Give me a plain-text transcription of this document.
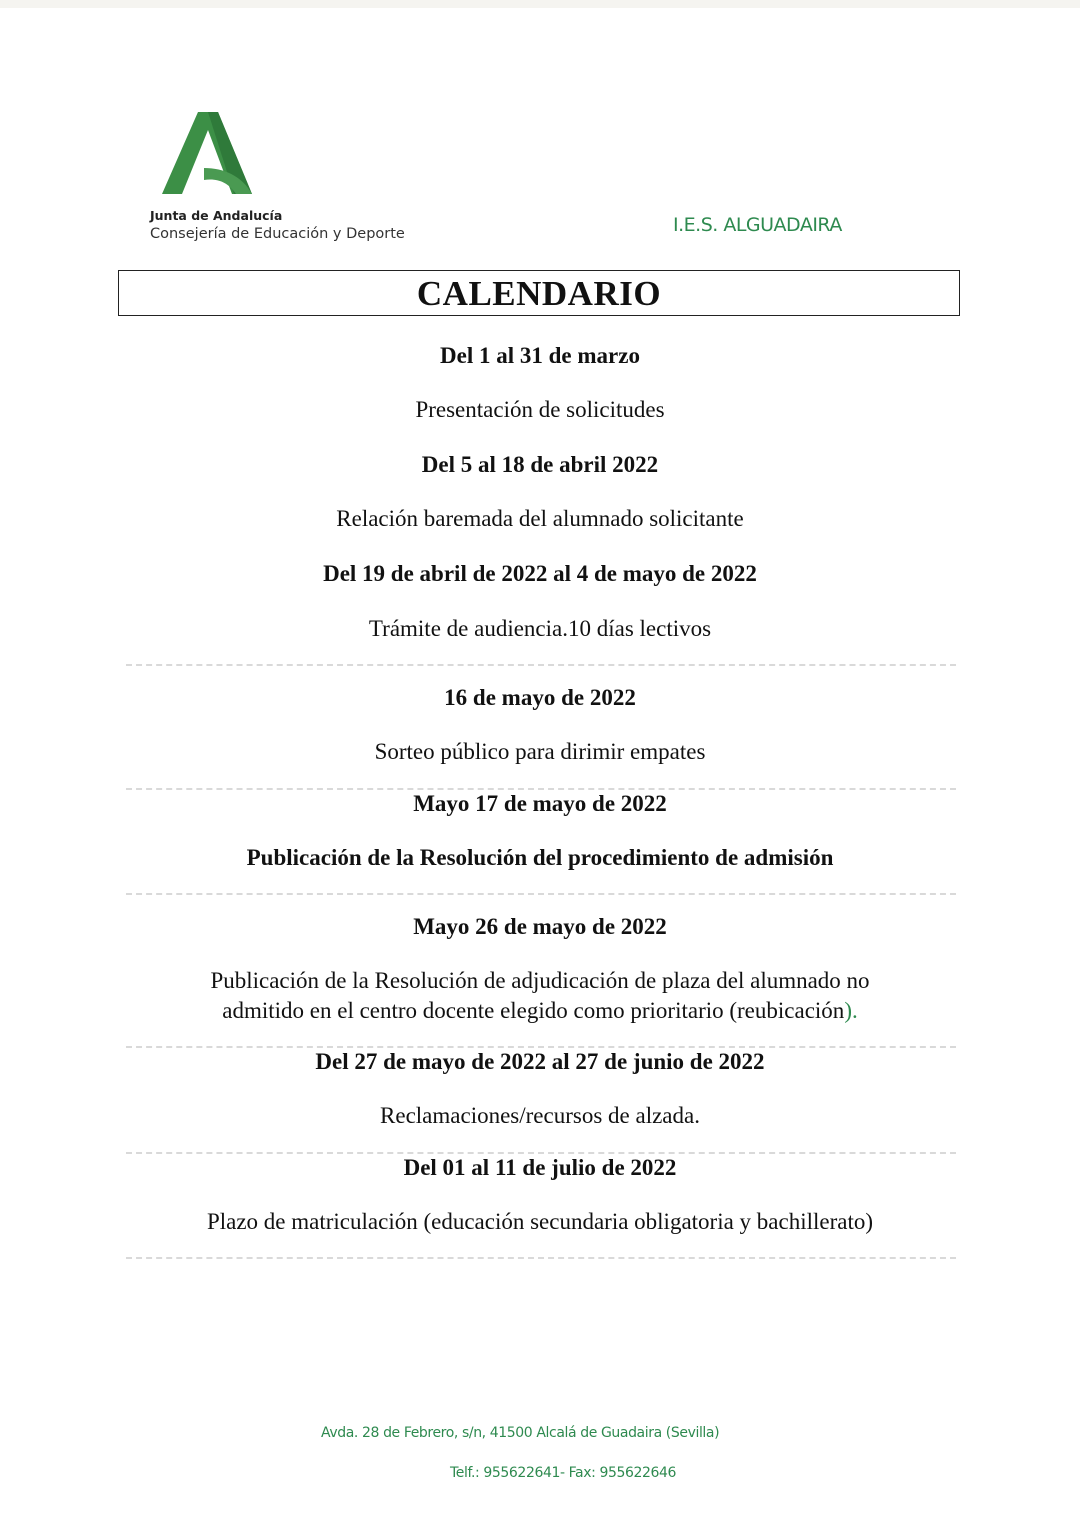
Junta de Andalucía
Consejería de Educación y Deporte	I.E.S. ALGUADAIRA
CALENDARIO
Del 1 al 31 de marzo
Presentación de solicitudes
Del 5 al 18 de abril 2022
Relación baremada del alumnado solicitante
Del 19 de abril de 2022 al 4 de mayo de 2022
Trámite de audiencia.10 días lectivos
16 de mayo de 2022
Sorteo público para dirimir empates
Mayo 17 de mayo de 2022
Publicación de la Resolución del procedimiento de admisión
Mayo 26 de mayo de 2022
Publicación de la Resolución de adjudicación de plaza del alumnado no
admitido en el centro docente elegido como prioritario (reubicación).
Del 27 de mayo de 2022 al 27 de junio de 2022
Reclamaciones/recursos de alzada.
Del 01 al 11 de julio de 2022
Plazo de matriculación (educación secundaria obligatoria y bachillerato)
Avda. 28 de Febrero, s/n, 41500 Alcalá de Guadaira (Sevilla)
Telf.: 955622641- Fax: 955622646
